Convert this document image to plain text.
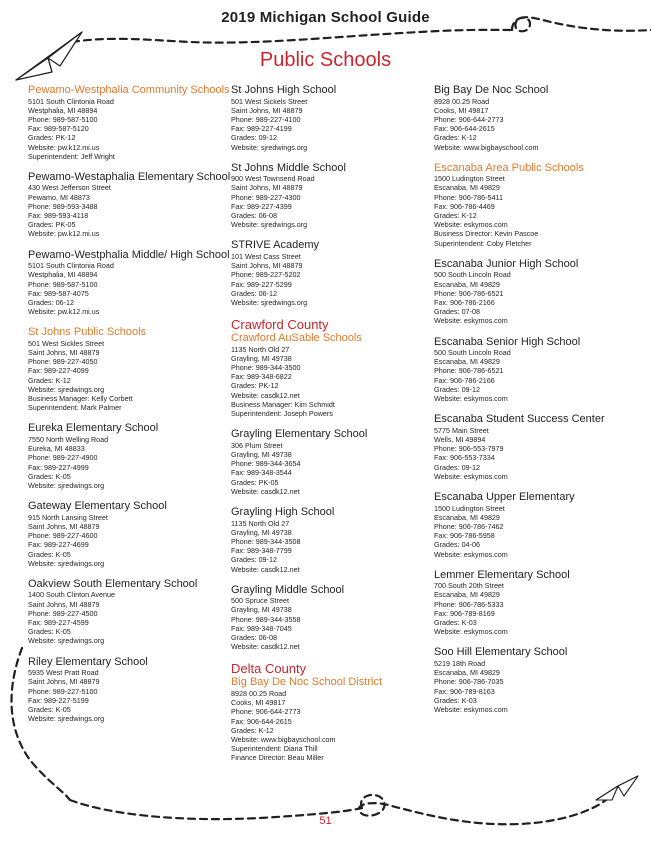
2019 Michigan School Guide
Public Schools
Pewamo-Westphalia Community Schools
5101 South Clintonia Road
Westphalia, MI 48894
Phone: 989-587-5100
Fax: 989-587-5120
Grades: PK-12
Website: pw.k12.mi.us
Superintendent: Jeff Wright
Pewamo-Westaphalia Elementary School
430 West Jefferson Street
Pewamo, MI 48873
Phone: 989-593-3488
Fax: 989-593-4118
Grades: PK-05
Website: pw.k12.mi.us
Pewamo-Westphalia Middle/ High School
5101 South Clintonia Road
Westphalia, MI 48894
Phone: 989-587-5100
Fax: 989-587-4075
Grades: 06-12
Website: pw.k12.mi.us
St Johns Public Schools
501 West Sickles Street
Saint Johns, MI 48879
Phone: 989-227-4050
Fax: 989-227-4099
Grades: K-12
Website: sjredwings.org
Business Manager: Kelly Corbett
Superintendent: Mark Palmer
Eureka Elementary School
7550 North Welling Road
Eureka, MI 48833
Phone: 989-227-4900
Fax: 989-227-4999
Grades: K-05
Website: sjredwings.org
Gateway Elementary School
915 North Lansing Street
Saint Johns, MI 48879
Phone: 989-227-4600
Fax: 989-227-4699
Grades: K-05
Website: sjredwings.org
Oakview South Elementary School
1400 South Clinton Avenue
Saint Johns, MI 48879
Phone: 989-227-4500
Fax: 989-227-4599
Grades: K-05
Website: sjredwings.org
Riley Elementary School
5935 West Pratt Road
Saint Johns, MI 48879
Phone: 989-227-5100
Fax: 989-227-5199
Grades: K-05
Website: sjredwings.org
St Johns High School
501 West Sickels Street
Saint Johns, MI 48879
Phone: 989-227-4100
Fax: 989-227-4199
Grades: 09-12
Website: sjredwings.org
St Johns Middle School
900 West Townsend Road
Saint Johns, MI 48879
Phone: 989-227-4300
Fax: 989-227-4399
Grades: 06-08
Website: sjredwings.org
STRIVE Academy
101 West Cass Street
Saint Johns, MI 48879
Phone: 989-227-5202
Fax: 989-227-5299
Grades: 06-12
Website: sjredwings.org
Crawford County
Crawford AuSable Schools
1135 North Old 27
Grayling, MI 49738
Phone: 989-344-3500
Fax: 989-348-6822
Grades: PK-12
Website: casdk12.net
Business Manager: Kim Schmidt
Superintendent: Joseph Powers
Grayling Elementary School
306 Plum Street
Grayling, MI 49738
Phone: 989-344-3654
Fax: 989-348-3544
Grades: PK-05
Website: casdk12.net
Grayling High School
1135 North Old 27
Grayling, MI 49738
Phone: 989-344-3508
Fax: 989-348-7799
Grades: 09-12
Website: casdk12.net
Grayling Middle School
500 Spruce Street
Grayling, MI 49738
Phone: 989-344-3558
Fax: 989-348-7045
Grades: 06-08
Website: casdk12.net
Delta County
Big Bay De Noc School District
8928 00.25 Road
Cooks, MI 49817
Phone: 906-644-2773
Fax: 906-644-2615
Grades: K-12
Website: www.bigbayschool.com
Superintendent: Diana Thill
Finance Director: Beau Miller
Big Bay De Noc School
8928 00.25 Road
Cooks, MI 49817
Phone: 906-644-2773
Fax: 906-644-2615
Grades: K-12
Website: www.bigbayschool.com
Escanaba Area Public Schools
1500 Ludington Street
Escanaba, MI 49829
Phone: 906-786-5411
Fax: 906-786-4469
Grades: K-12
Website: eskymos.com
Business Director: Kevin Pascoe
Superintendent: Coby Fletcher
Escanaba Junior High School
500 South Lincoln Road
Escanaba, MI 49829
Phone: 906-786-6521
Fax: 906-786-2166
Grades: 07-08
Website: eskymos.com
Escanaba Senior High School
500 South Lincoln Road
Escanaba, MI 49829
Phone: 906-786-6521
Fax: 906-786-2166
Grades: 09-12
Website: eskymos.com
Escanaba Student Success Center
5775 Main Street
Wells, MI 49894
Phone: 906-553-7979
Fax: 906-553-7334
Grades: 09-12
Website: eskymos.com
Escanaba Upper Elementary
1500 Ludington Street
Escanaba, MI 49829
Phone: 906-786-7462
Fax: 906-786-5958
Grades: 04-06
Website: eskymos.com
Lemmer Elementary School
700 South 20th Street
Escanaba, MI 49829
Phone: 906-786-5333
Fax: 906-789-8169
Grades: K-03
Website: eskymos.com
Soo Hill Elementary School
5219 18th Road
Escanaba, MI 49829
Phone: 906-786-7035
Fax: 906-789-8163
Grades: K-03
Website: eskymos.com
51
